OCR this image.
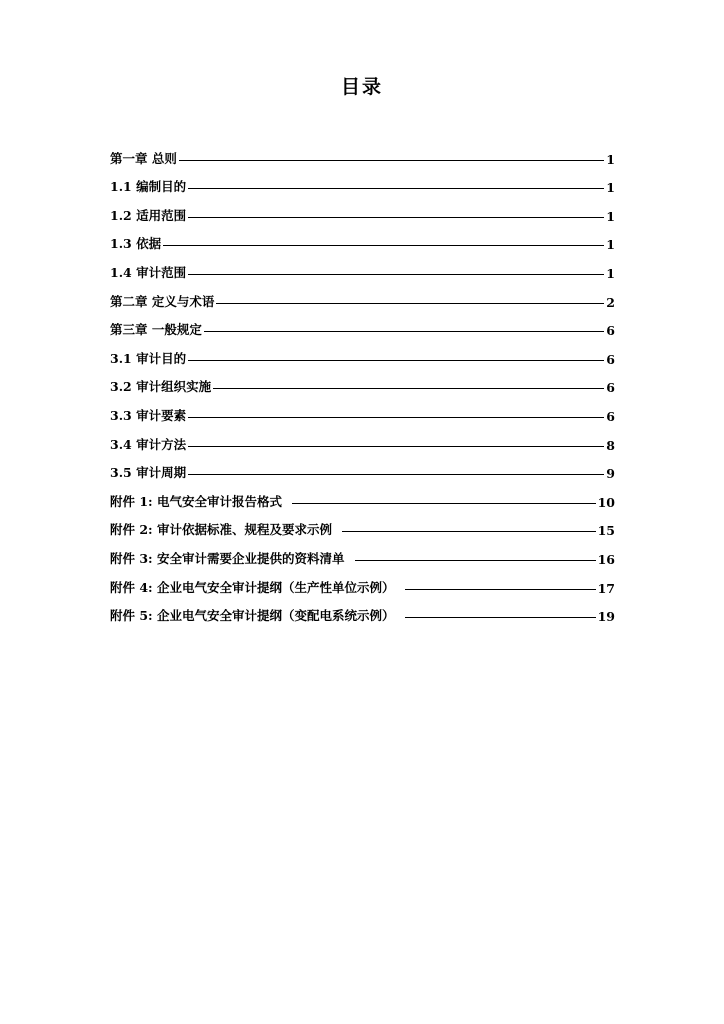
目录
第一章 总则	1
1.1 编制目的	1
1.2 适用范围	1
1.3 依据	1
1.4 审计范围	1
第二章 定义与术语	2
第三章 一般规定	6
3.1 审计目的	6
3.2 审计组织实施	6
3.3 审计要素	6
3.4 审计方法	8
3.5 审计周期	9
附件 1: 电气安全审计报告格式	10
附件 2: 审计依据标准、规程及要求示例	15
附件 3: 安全审计需要企业提供的资料清单	16
附件 4: 企业电气安全审计提纲（生产性单位示例）	17
附件 5: 企业电气安全审计提纲（变配电系统示例）	19
